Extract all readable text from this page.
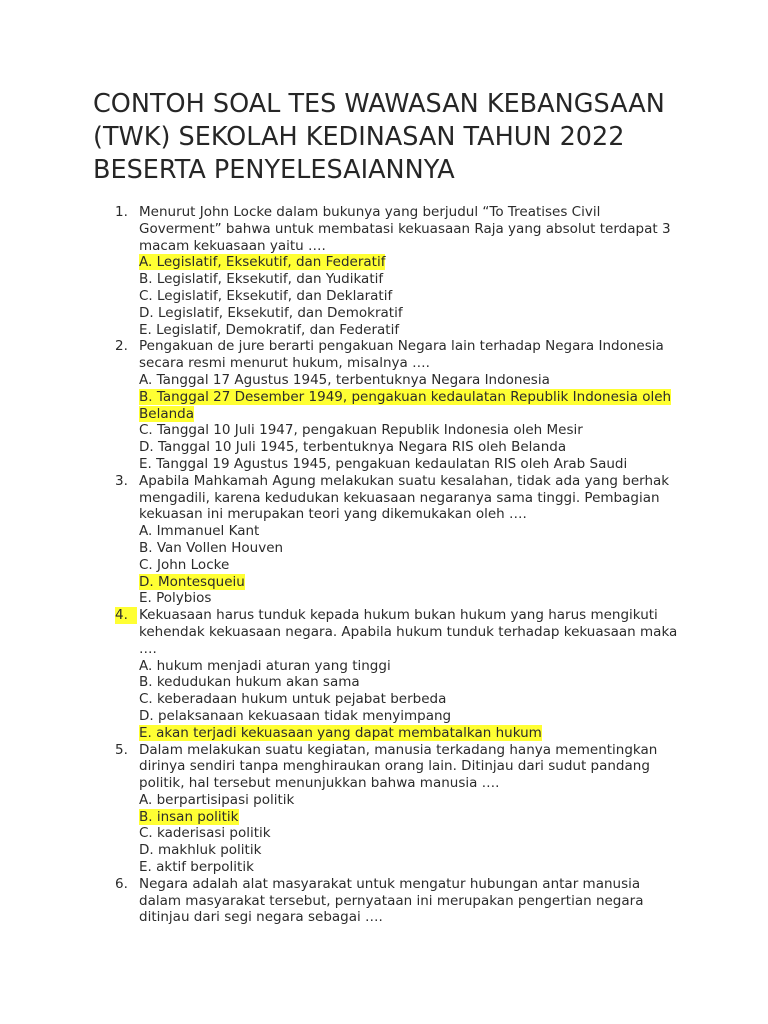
CONTOH SOAL TES WAWASAN KEBANGSAAN (TWK) SEKOLAH KEDINASAN TAHUN 2022 BESERTA PENYELESAIANNYA
1. Menurut John Locke dalam bukunya yang berjudul “To Treatises Civil Goverment” bahwa untuk membatasi kekuasaan Raja yang absolut terdapat 3 macam kekuasaan yaitu ….
A. Legislatif, Eksekutif, dan Federatif
B. Legislatif, Eksekutif, dan Yudikatif
C. Legislatif, Eksekutif, dan Deklaratif
D. Legislatif, Eksekutif, dan Demokratif
E. Legislatif, Demokratif, dan Federatif
2. Pengakuan de jure berarti pengakuan Negara lain terhadap Negara Indonesia secara resmi menurut hukum, misalnya ….
A. Tanggal 17 Agustus 1945, terbentuknya Negara Indonesia
B. Tanggal 27 Desember 1949, pengakuan kedaulatan Republik Indonesia oleh Belanda
C. Tanggal 10 Juli 1947, pengakuan Republik Indonesia oleh Mesir
D. Tanggal 10 Juli 1945, terbentuknya Negara RIS oleh Belanda
E. Tanggal 19 Agustus 1945, pengakuan kedaulatan RIS oleh Arab Saudi
3. Apabila Mahkamah Agung melakukan suatu kesalahan, tidak ada yang berhak mengadili, karena kedudukan kekuasaan negaranya sama tinggi. Pembagian kekuasan ini merupakan teori yang dikemukakan oleh ….
A. Immanuel Kant
B. Van Vollen Houven
C. John Locke
D. Montesqueiu
E. Polybios
4. Kekuasaan harus tunduk kepada hukum bukan hukum yang harus mengikuti kehendak kekuasaan negara. Apabila hukum tunduk terhadap kekuasaan maka ….
A. hukum menjadi aturan yang tinggi
B. kedudukan hukum akan sama
C. keberadaan hukum untuk pejabat berbeda
D. pelaksanaan kekuasaan tidak menyimpang
E. akan terjadi kekuasaan yang dapat membatalkan hukum
5. Dalam melakukan suatu kegiatan, manusia terkadang hanya mementingkan dirinya sendiri tanpa menghiraukan orang lain. Ditinjau dari sudut pandang politik, hal tersebut menunjukkan bahwa manusia ….
A. berpartisipasi politik
B. insan politik
C. kaderisasi politik
D. makhluk politik
E. aktif berpolitik
6. Negara adalah alat masyarakat untuk mengatur hubungan antar manusia dalam masyarakat tersebut, pernyataan ini merupakan pengertian negara ditinjau dari segi negara sebagai ….
